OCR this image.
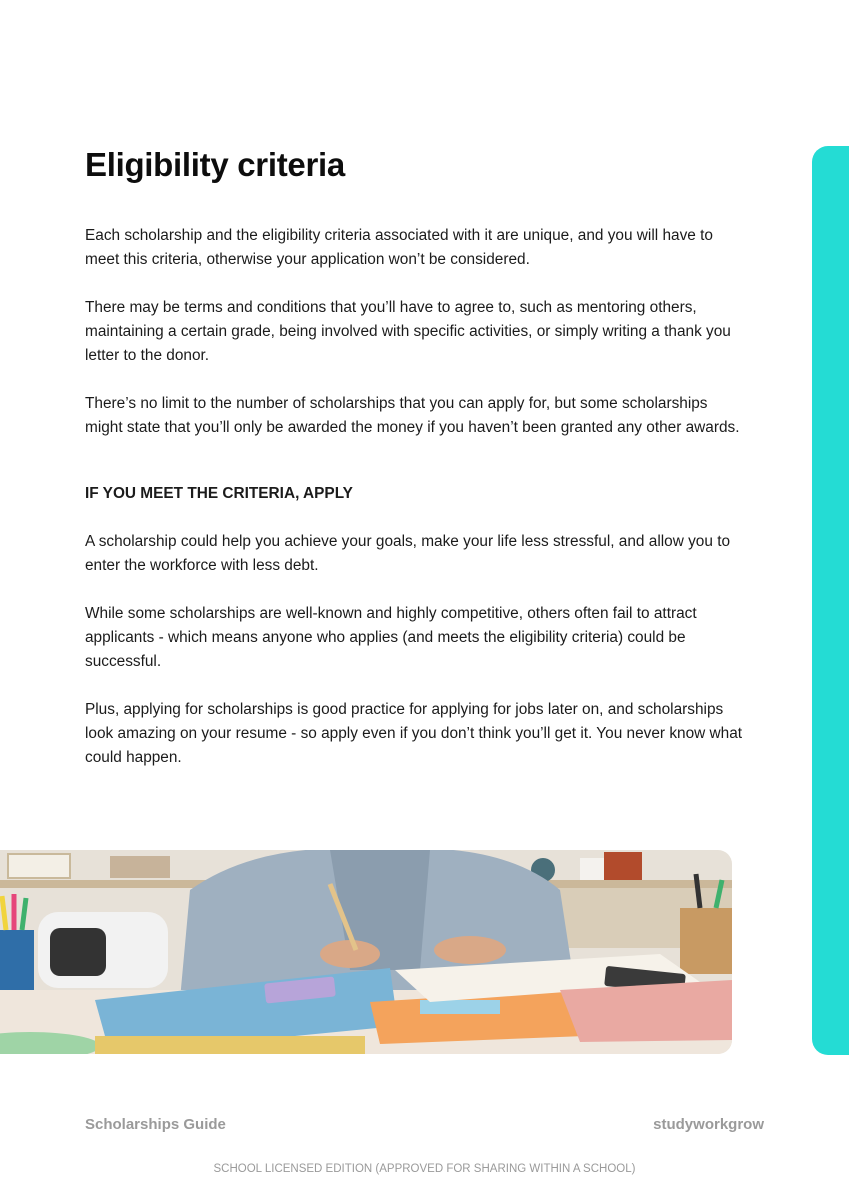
Eligibility criteria

Each scholarship and the eligibility criteria associated with it are unique, and you will have to meet this criteria, otherwise your application won’t be considered.

There may be terms and conditions that you’ll have to agree to, such as mentoring others, maintaining a certain grade, being involved with specific activities, or simply writing a thank you letter to the donor.

There’s no limit to the number of scholarships that you can apply for, but some scholarships might state that you’ll only be awarded the money if you haven’t been granted any other awards.

IF YOU MEET THE CRITERIA, APPLY

A scholarship could help you achieve your goals, make your life less stressful, and allow you to enter the workforce with less debt.

While some scholarships are well-known and highly competitive, others often fail to attract applicants - which means anyone who applies (and meets the eligibility criteria) could be successful.

Plus, applying for scholarships is good practice for applying for jobs later on, and scholarships look amazing on your resume - so apply even if you don’t think you’ll get it. You never know what could happen.

Scholarships Guide	studyworkgrow
SCHOOL LICENSED EDITION (APPROVED FOR SHARING WITHIN A SCHOOL)
